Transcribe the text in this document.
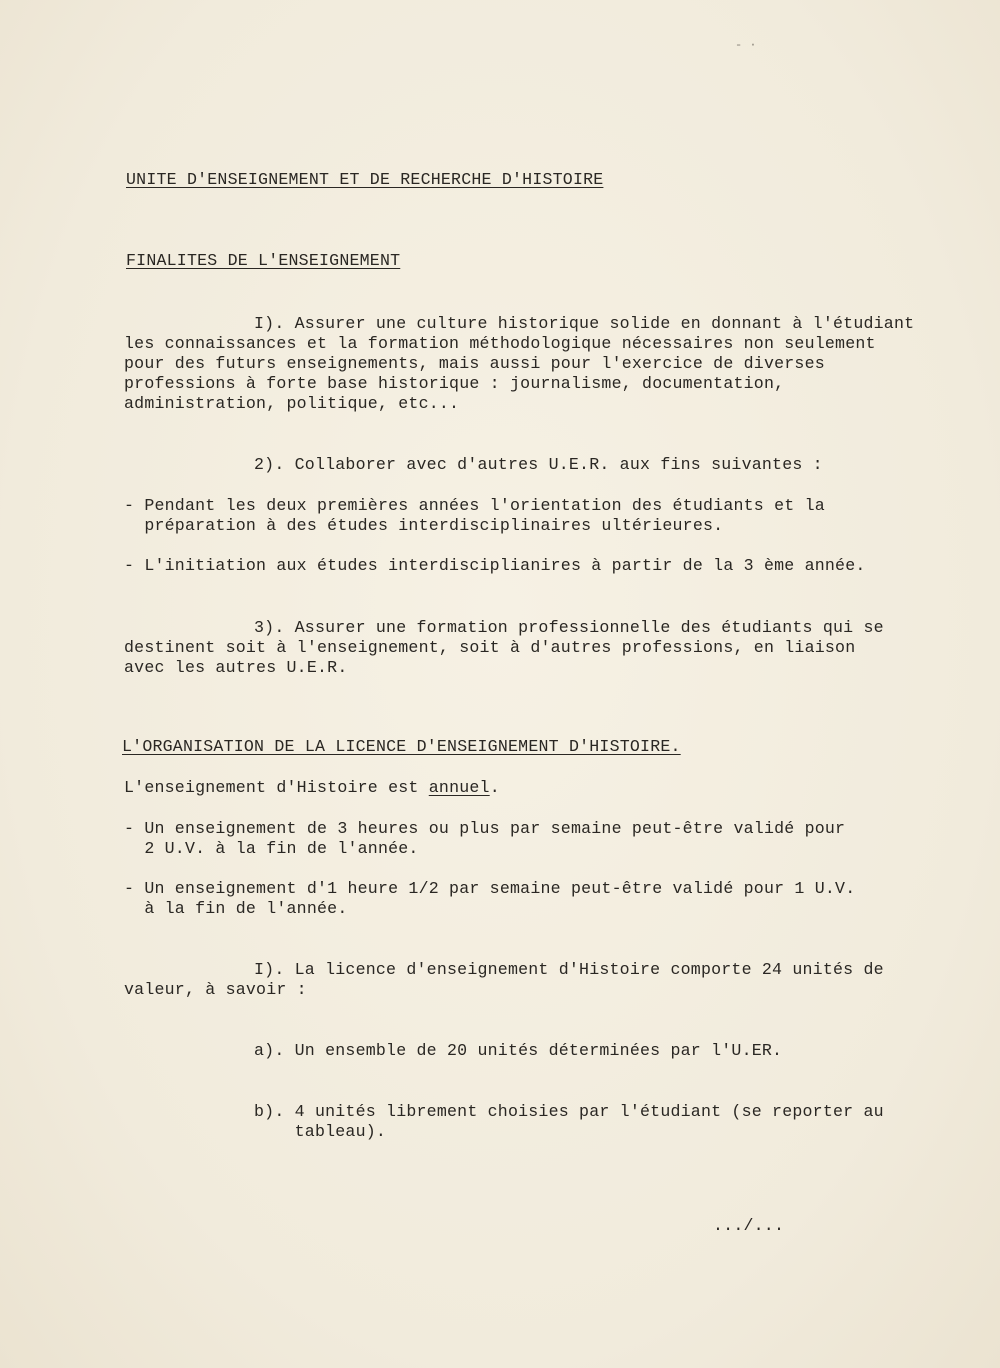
- ·
UNITE D'ENSEIGNEMENT ET DE RECHERCHE D'HISTOIRE
FINALITES DE L'ENSEIGNEMENT
I). Assurer une culture historique solide en donnant à l'étudiant
les connaissances et la formation méthodologique nécessaires non seulement
pour des futurs enseignements, mais aussi pour l'exercice de diverses
professions à forte base historique : journalisme, documentation,
administration, politique, etc...
2). Collaborer avec d'autres U.E.R. aux fins suivantes :
- Pendant les deux premières années l'orientation des étudiants et la
préparation à des études interdisciplinaires ultérieures.
- L'initiation aux études interdisciplianires à partir de la 3 ème année.
3). Assurer une formation professionnelle des étudiants qui se
destinent soit à l'enseignement, soit à d'autres professions, en liaison
avec les autres U.E.R.
L'ORGANISATION DE LA LICENCE D'ENSEIGNEMENT D'HISTOIRE.
L'enseignement d'Histoire est annuel.
- Un enseignement de 3 heures ou plus par semaine peut-être validé pour
2 U.V. à la fin de l'année.
- Un enseignement d'1 heure 1/2 par semaine peut-être validé pour 1 U.V.
à la fin de l'année.
I). La licence d'enseignement d'Histoire comporte 24 unités de
valeur, à savoir :
a). Un ensemble de 20 unités déterminées par l'U.ER.
b). 4 unités librement choisies par l'étudiant (se reporter au
tableau).
.../...
